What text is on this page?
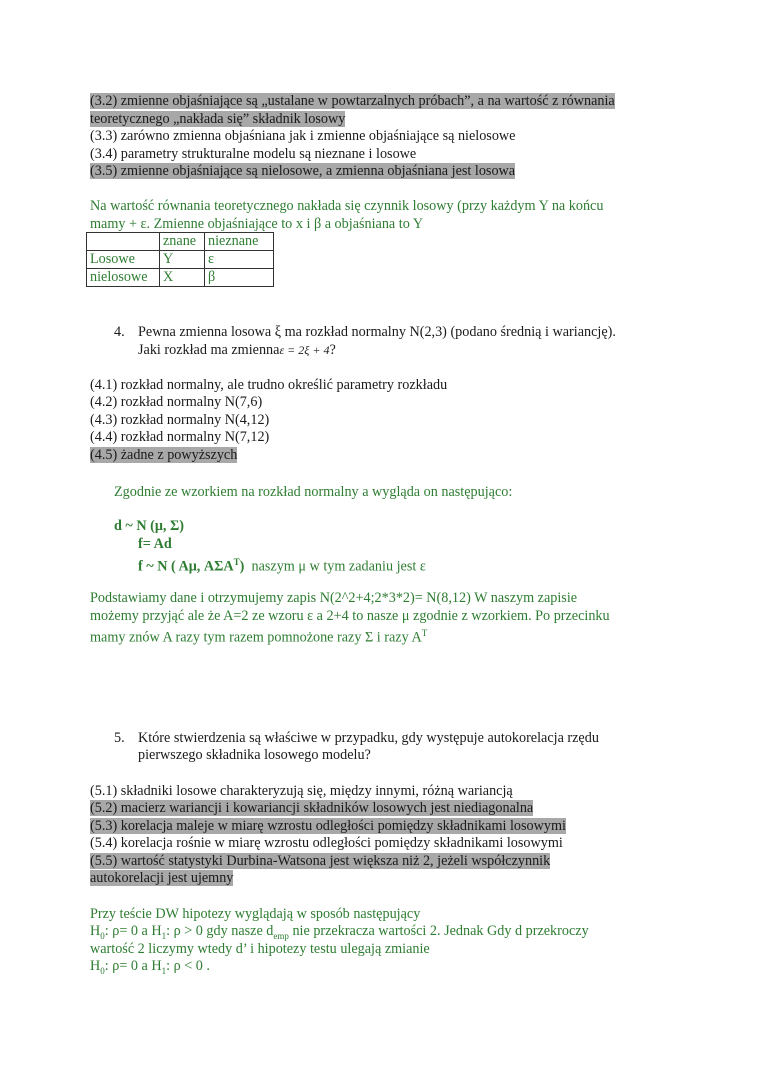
(3.2) zmienne objaśniające są „ustalane w powtarzalnych próbach”, a na wartość z równania
teoretycznego „nakłada się” składnik losowy
(3.3) zarówno zmienna objaśniana jak i zmienne objaśniające są nielosowe
(3.4) parametry strukturalne modelu są nieznane i losowe
(3.5) zmienne objaśniające są nielosowe, a zmienna objaśniana jest losowa
Na wartość równania teoretycznego nakłada się czynnik losowy (przy każdym Y na końcu
mamy + ε. Zmienne objaśniające to x i β a objaśniana to Y
	znane	nieznane
Losowe	Y	ε
nielosowe	X	β
4. Pewna zmienna losowa ξ ma rozkład normalny N(2,3) (podano średnią i wariancję).
Jaki rozkład ma zmiennaε = 2ξ + 4?
(4.1) rozkład normalny, ale trudno określić parametry rozkładu
(4.2) rozkład normalny N(7,6)
(4.3) rozkład normalny N(4,12)
(4.4) rozkład normalny N(7,12)
(4.5) żadne z powyższych
Zgodnie ze wzorkiem na rozkład normalny a wygląda on następująco:
d ~ N (μ, Σ)
f= Ad
f ~ N ( Aμ, $A\Sigma A^T$) naszym μ w tym zadaniu jest ε
Podstawiamy dane i otrzymujemy zapis N(2^2+4;2*3*2)= N(8,12) W naszym zapisie
możemy przyjąć ale że A=2 ze wzoru ε a 2+4 to nasze μ zgodnie z wzorkiem. Po przecinku
mamy znów A razy tym razem pomnożone razy Σ i razy $A^T$
5. Które stwierdzenia są właściwe w przypadku, gdy występuje autokorelacja rzędu
pierwszego składnika losowego modelu?
(5.1) składniki losowe charakteryzują się, między innymi, różną wariancją
(5.2) macierz wariancji i kowariancji składników losowych jest niediagonalna
(5.3) korelacja maleje w miarę wzrostu odległości pomiędzy składnikami losowymi
(5.4) korelacja rośnie w miarę wzrostu odległości pomiędzy składnikami losowymi
(5.5) wartość statystyki Durbina-Watsona jest większa niż 2, jeżeli współczynnik
autokorelacji jest ujemny
Przy teście DW hipotezy wyglądają w sposób następujący
$H_0$: ρ= 0 a $H_1$: ρ > 0 gdy nasze $d_{emp}$ nie przekracza wartości 2. Jednak Gdy d przekroczy
wartość 2 liczymy wtedy d’ i hipotezy testu ulegają zmianie
$H_0$: ρ= 0 a $H_1$: ρ < 0 .
